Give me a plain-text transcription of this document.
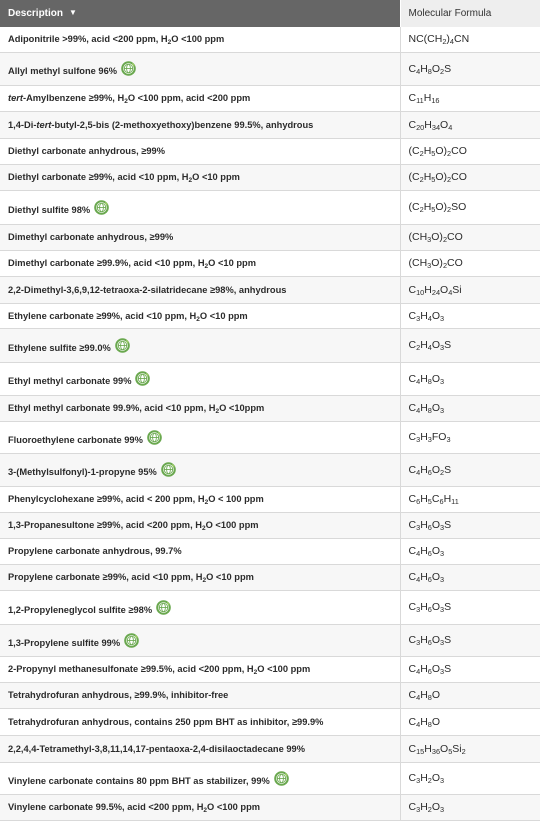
Description ▼	Molecular Formula
Adiponitrile >99%, acid <200 ppm, $H_2O <100$ ppm	$NC(CH_2)_4CN$
Allyl methyl sulfone 96%	$C_4H_8O_2S$
tert-Amylbenzene ≥99%, $H_2O <100$ ppm, acid <200 ppm	$C_{11}H_{16}$
1,4-Di-tert-butyl-2,5-bis (2-methoxyethoxy)benzene 99.5%, anhydrous	$C_{20}H_{34}O_4$
Diethyl carbonate anhydrous, ≥99%	$(C_2H_5O)_2CO$
Diethyl carbonate ≥99%, acid <10 ppm, $H_2O <10$ ppm	$(C_2H_5O)_2CO$
Diethyl sulfite 98%	$(C_2H_5O)_2SO$
Dimethyl carbonate anhydrous, ≥99%	$(CH_3O)_2CO$
Dimethyl carbonate ≥99.9%, acid <10 ppm, $H_2O <10$ ppm	$(CH_3O)_2CO$
2,2-Dimethyl-3,6,9,12-tetraoxa-2-silatridecane ≥98%, anhydrous	$C_{10}H_{24}O_4Si$
Ethylene carbonate ≥99%, acid <10 ppm, $H_2O <10$ ppm	$C_3H_4O_3$
Ethylene sulfite ≥99.0%	$C_2H_4O_3S$
Ethyl methyl carbonate 99%	$C_4H_8O_3$
Ethyl methyl carbonate 99.9%, acid <10 ppm, $H_2O <10ppm$	$C_4H_8O_3$
Fluoroethylene carbonate 99%	$C_3H_3FO_3$
3-(Methylsulfonyl)-1-propyne 95%	$C_4H_6O_2S$
Phenylcyclohexane ≥99%, acid < 200 ppm, $H_2O < 100$ ppm	$C_6H_5C_6H_{11}$
1,3-Propanesultone ≥99%, acid <200 ppm, $H_2O <100$ ppm	$C_3H_6O_3S$
Propylene carbonate anhydrous, 99.7%	$C_4H_6O_3$
Propylene carbonate ≥99%, acid <10 ppm, $H_2O <10$ ppm	$C_4H_6O_3$
1,2-Propyleneglycol sulfite ≥98%	$C_3H_6O_3S$
1,3-Propylene sulfite 99%	$C_3H_6O_3S$
2-Propynyl methanesulfonate ≥99.5%, acid <200 ppm, $H_2O <100$ ppm	$C_4H_6O_3S$
Tetrahydrofuran anhydrous, ≥99.9%, inhibitor-free	$C_4H_8O$
Tetrahydrofuran anhydrous, contains 250 ppm BHT as inhibitor, ≥99.9%	$C_4H_8O$
2,2,4,4-Tetramethyl-3,8,11,14,17-pentaoxa-2,4-disilaoctadecane 99%	$C_{15}H_{36}O_5Si_2$
Vinylene carbonate contains 80 ppm BHT as stabilizer, 99%	$C_3H_2O_3$
Vinylene carbonate 99.5%, acid <200 ppm, $H_2O <100$ ppm	$C_3H_2O_3$
